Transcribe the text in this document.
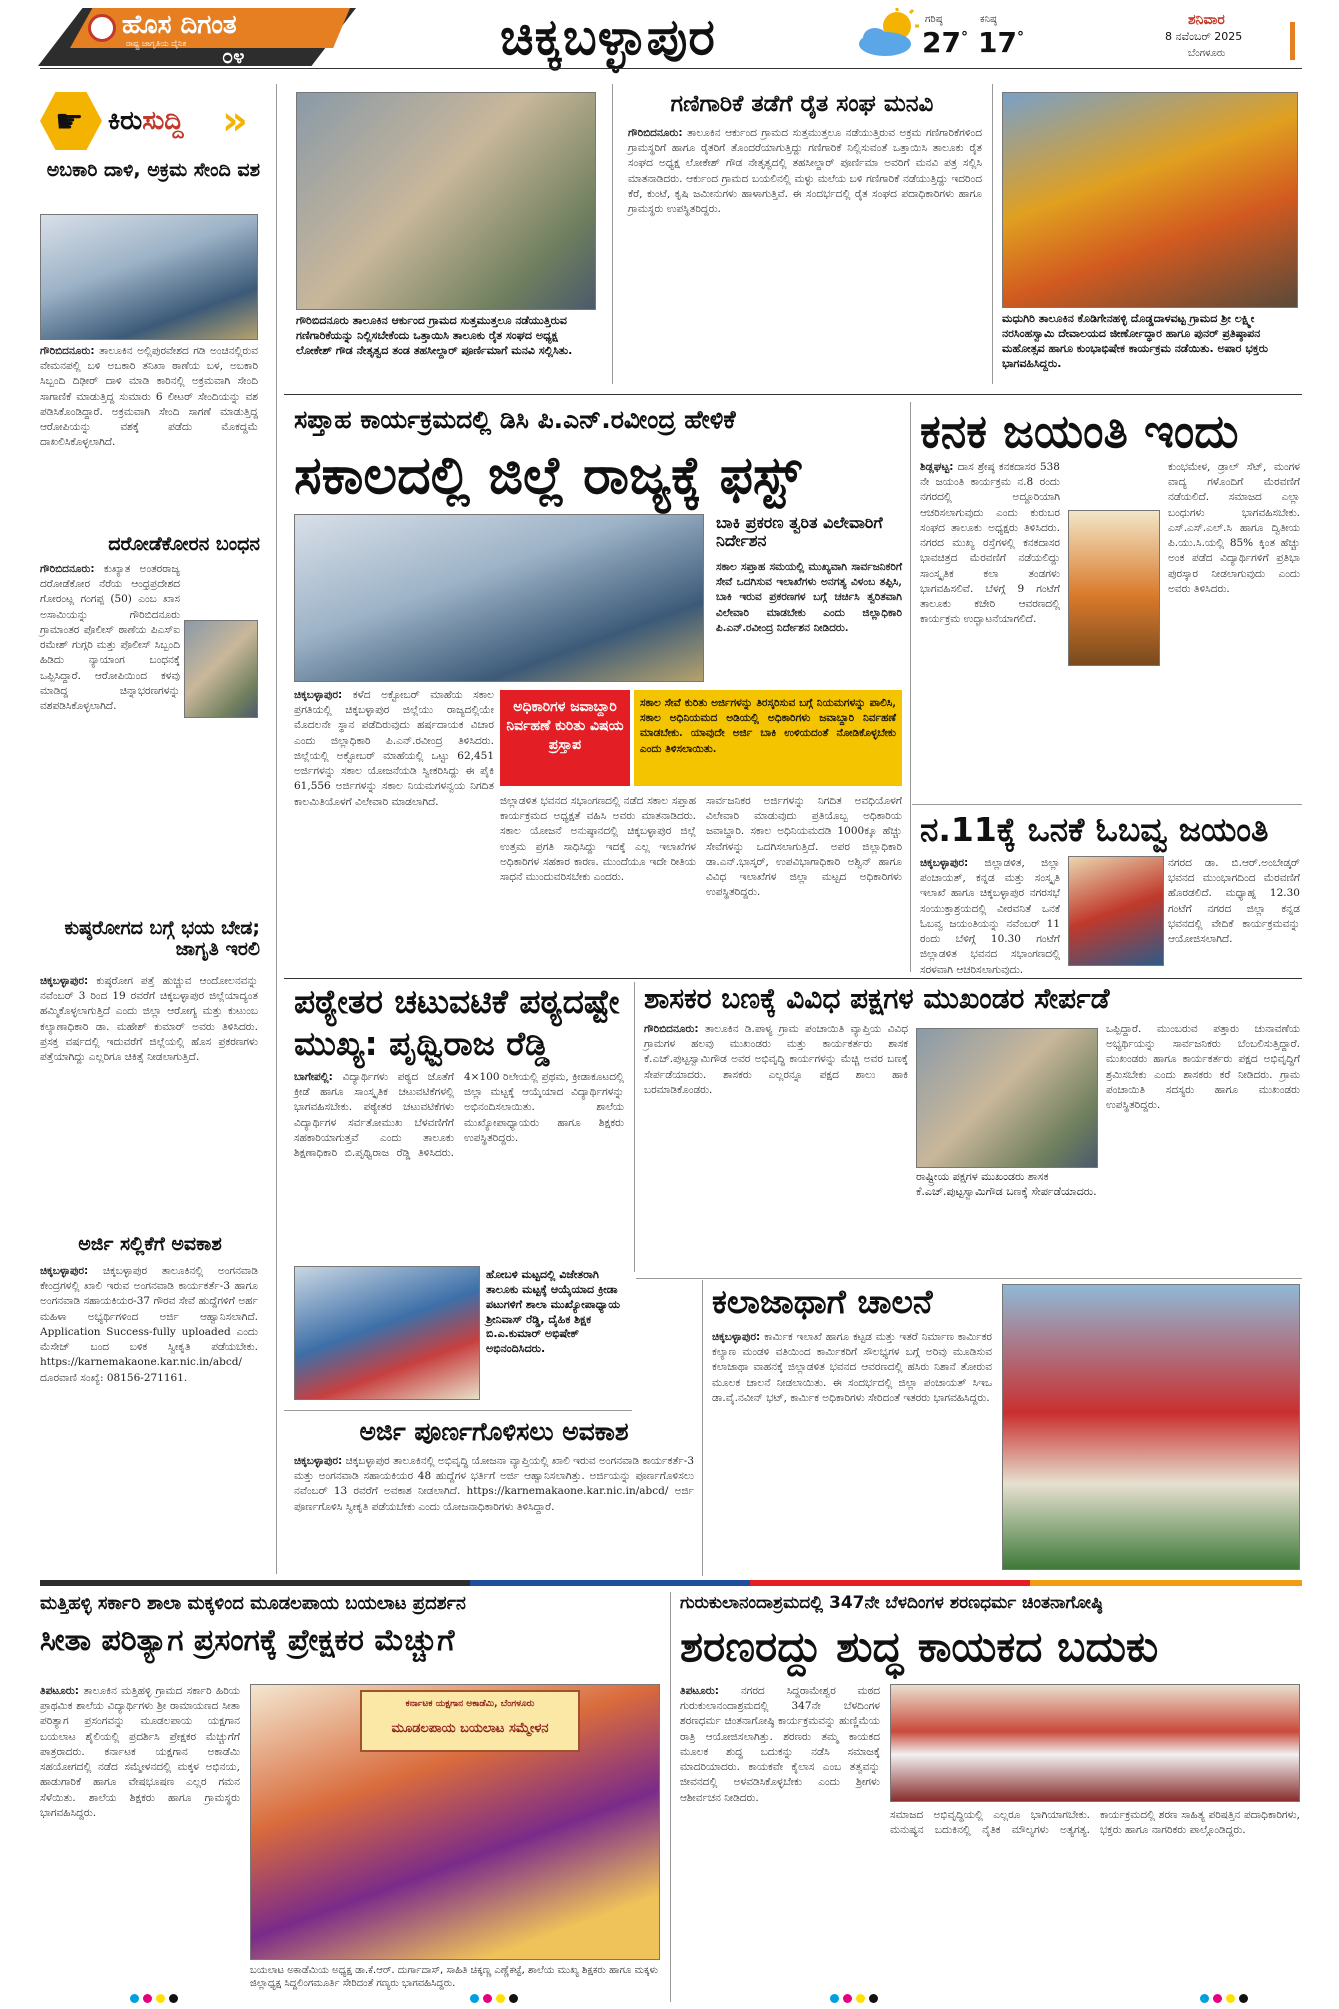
ಹೊಸ ದಿಗಂತ
ರಾಷ್ಟ್ರ ಜಾಗೃತಿಯ ದೈನಿಕ
೦೪	ಚಿಕ್ಕಬಳ್ಳಾಪುರ	ಗರಿಷ್ಠ
27°
ಕನಿಷ್ಠ
17°
ಶನಿವಾರ
8 ನವೆಂಬರ್ 2025
ಬೆಂಗಳೂರು
☛ ಕಿರುಸುದ್ದಿ »
ಅಬಕಾರಿ ದಾಳಿ, ಅಕ್ರಮ ಸೇಂದಿ ವಶ
ಗೌರಿಬಿದನೂರು: ತಾಲೂಕಿನ ಅಲ್ಲಿಪುರವೇಶದ ಗಡಿ ಅಂಚಿನಲ್ಲಿರುವ ವೇಮನಪಲ್ಲಿ ಬಳಿ ಅಬಕಾರಿ ತನಿಖಾ ಠಾಣೆಯ ಬಳ, ಅಬಕಾರಿ ಸಿಬ್ಬಂದಿ ದಿಢೀರ್ ದಾಳಿ ಮಾಡಿ ಕಾರಿನಲ್ಲಿ ಅಕ್ರಮವಾಗಿ ಸೇಂದಿ ಸಾಗಾಣಿಕೆ ಮಾಡುತ್ತಿದ್ದ ಸುಮಾರು 6 ಲೀಟರ್ ಸೇಂದಿಯನ್ನು ವಶ ಪಡಿಸಿಕೊಂಡಿದ್ದಾರೆ. ಅಕ್ರಮವಾಗಿ ಸೇಂದಿ ಸಾಗಣೆ ಮಾಡುತ್ತಿದ್ದ ಆರೋಪಿಯನ್ನು ವಶಕ್ಕೆ ಪಡೆದು ಮೊಕದ್ದಮೆ ದಾಖಲಿಸಿಕೊಳ್ಳಲಾಗಿದೆ.
ದರೋಡೆಕೋರನ ಬಂಧನ
ಗೌರಿಬಿದನೂರು: ಕುಖ್ಯಾತ ಅಂತರರಾಜ್ಯ ದರೋಡೆಕೋರ ನೆರೆಯ ಆಂಧ್ರಪ್ರದೇಶದ ಗೋರಂಟ್ಲ ಗಂಗಪ್ಪ (50) ಎಂಬ ಖಾಸ ಅಸಾಮಿಯನ್ನು ಗೌರಿಬಿದನೂರು ಗ್ರಾಮಾಂತರ ಪೊಲೀಸ್ ಠಾಣೆಯ ಪಿಎಸ್ಐ ರಮೇಶ್ ಗುಗ್ಗರಿ ಮತ್ತು ಪೊಲೀಸ್ ಸಿಬ್ಬಂದಿ ಹಿಡಿದು ನ್ಯಾಯಾಂಗ ಬಂಧನಕ್ಕೆ ಒಪ್ಪಿಸಿದ್ದಾರೆ. ಆರೋಪಿಯಿಂದ ಕಳವು ಮಾಡಿದ್ದ ಚಿನ್ನಾಭರಣಗಳನ್ನು ವಶಪಡಿಸಿಕೊಳ್ಳಲಾಗಿದೆ.
ಕುಷ್ಠರೋಗದ ಬಗ್ಗೆ ಭಯ ಬೇಡ; ಜಾಗೃತಿ ಇರಲಿ
ಚಿಕ್ಕಬಳ್ಳಾಪುರ: ಕುಷ್ಠರೋಗ ಪತ್ತೆ ಹುಚ್ಚುವ ಆಂದೋಲನವನ್ನು ನವೆಂಬರ್ 3 ರಿಂದ 19 ರವರೆಗೆ ಚಿಕ್ಕಬಳ್ಳಾಪುರ ಜಿಲ್ಲೆಯಾದ್ಯಂತ ಹಮ್ಮಿಕೊಳ್ಳಲಾಗುತ್ತಿದೆ ಎಂದು ಜಿಲ್ಲಾ ಆರೋಗ್ಯ ಮತ್ತು ಕುಟುಂಬ ಕಲ್ಯಾಣಾಧಿಕಾರಿ ಡಾ. ಮಹೇಶ್ ಕುಮಾರ್ ಅವರು ತಿಳಿಸಿದರು. ಪ್ರಸಕ್ತ ವರ್ಷದಲ್ಲಿ ಇದುವರೆಗೆ ಜಿಲ್ಲೆಯಲ್ಲಿ ಹೊಸ ಪ್ರಕರಣಗಳು ಪತ್ತೆಯಾಗಿದ್ದು ಎಲ್ಲರಿಗೂ ಚಿಕಿತ್ಸೆ ನೀಡಲಾಗುತ್ತಿದೆ.
ಅರ್ಜಿ ಸಲ್ಲಿಕೆಗೆ ಅವಕಾಶ
ಚಿಕ್ಕಬಳ್ಳಾಪುರ: ಚಿಕ್ಕಬಳ್ಳಾಪುರ ತಾಲೂಕಿನಲ್ಲಿ ಅಂಗನವಾಡಿ ಕೇಂದ್ರಗಳಲ್ಲಿ ಖಾಲಿ ಇರುವ ಅಂಗನವಾಡಿ ಕಾರ್ಯಕರ್ತೆ-3 ಹಾಗೂ ಅಂಗನವಾಡಿ ಸಹಾಯಕಿಯರ-37 ಗೌರವ ಸೇವೆ ಹುದ್ದೆಗಳಿಗೆ ಅರ್ಹ ಮಹಿಳಾ ಅಭ್ಯರ್ಥಿಗಳಿಂದ ಅರ್ಜಿ ಆಹ್ವಾನಿಸಲಾಗಿದೆ. Application Success-fully uploaded ಎಂದು ಮೆಸೇಜ್ ಬಂದ ಬಳಿಕ ಸ್ವೀಕೃತಿ ಪಡೆಯಬೇಕು. https://karnemakaone.kar.nic.in/abcd/ ದೂರವಾಣಿ ಸಂಖ್ಯೆ: 08156-271161.
ಗೌರಿಬಿದನೂರು ತಾಲೂಕಿನ ಆರ್ಕುಂದ ಗ್ರಾಮದ ಸುತ್ತಮುತ್ತಲೂ ನಡೆಯುತ್ತಿರುವ ಗಣಿಗಾರಿಕೆಯನ್ನು ನಿಲ್ಲಿಸಬೇಕೆಂದು ಒತ್ತಾಯಿಸಿ ತಾಲೂಕು ರೈತ ಸಂಘದ ಅಧ್ಯಕ್ಷ ಲೋಕೇಶ್ ಗೌಡ ನೇತೃತ್ವದ ತಂಡ ತಹಸೀಲ್ದಾರ್ ಪೂರ್ಣಿಮಾಗೆ ಮನವಿ ಸಲ್ಲಿಸಿತು.
ಗಣಿಗಾರಿಕೆ ತಡೆಗೆ ರೈತ ಸಂಘ ಮನವಿ
ಗೌರಿಬಿದನೂರು: ತಾಲೂಕಿನ ಆರ್ಕುಂದ ಗ್ರಾಮದ ಸುತ್ತಮುತ್ತಲೂ ನಡೆಯುತ್ತಿರುವ ಅಕ್ರಮ ಗಣಿಗಾರಿಕೆಗಳಿಂದ ಗ್ರಾಮಸ್ಥರಿಗೆ ಹಾಗೂ ರೈತರಿಗೆ ತೊಂದರೆಯಾಗುತ್ತಿದ್ದು ಗಣಿಗಾರಿಕೆ ನಿಲ್ಲಿಸುವಂತೆ ಒತ್ತಾಯಿಸಿ ತಾಲೂಕು ರೈತ ಸಂಘದ ಅಧ್ಯಕ್ಷ ಲೋಕೇಶ್ ಗೌಡ ನೇತೃತ್ವದಲ್ಲಿ ತಹಸೀಲ್ದಾರ್ ಪೂರ್ಣಿಮಾ ಅವರಿಗೆ ಮನವಿ ಪತ್ರ ಸಲ್ಲಿಸಿ ಮಾತನಾಡಿದರು. ಆರ್ಕುಂದ ಗ್ರಾಮದ ಬಯಲಿನಲ್ಲಿ ಮಳ್ಳು ಮಲೆಯ ಬಳಿ ಗಣಿಗಾರಿಕೆ ನಡೆಯುತ್ತಿದ್ದು ಇದರಿಂದ ಕೆರೆ, ಕುಂಟೆ, ಕೃಷಿ ಜಮೀನುಗಳು ಹಾಳಾಗುತ್ತಿವೆ. ಈ ಸಂದರ್ಭದಲ್ಲಿ ರೈತ ಸಂಘದ ಪದಾಧಿಕಾರಿಗಳು ಹಾಗೂ ಗ್ರಾಮಸ್ಥರು ಉಪಸ್ಥಿತರಿದ್ದರು.
ಮಧುಗಿರಿ ತಾಲೂಕಿನ ಕೊಡಿಗೇನಹಳ್ಳಿ ದೊಡ್ಡದಾಳವಟ್ಟ ಗ್ರಾಮದ ಶ್ರೀ ಲಕ್ಷ್ಮೀ ನರಸಿಂಹಸ್ವಾಮಿ ದೇವಾಲಯದ ಜೀರ್ಣೋದ್ಧಾರ ಹಾಗೂ ಪುನರ್ ಪ್ರತಿಷ್ಠಾಪನ ಮಹೋತ್ಸವ ಹಾಗೂ ಕುಂಭಾಭಿಷೇಕ ಕಾರ್ಯಕ್ರಮ ನಡೆಯಿತು. ಅಪಾರ ಭಕ್ತರು ಭಾಗವಹಿಸಿದ್ದರು.
ಸಪ್ತಾಹ ಕಾರ್ಯಕ್ರಮದಲ್ಲಿ ಡಿಸಿ ಪಿ.ಎನ್.ರವೀಂದ್ರ ಹೇಳಿಕೆ
ಸಕಾಲದಲ್ಲಿ ಜಿಲ್ಲೆ ರಾಜ್ಯಕ್ಕೆ ಫಸ್ಟ್
ಬಾಕಿ ಪ್ರಕರಣ ತ್ವರಿತ ವಿಲೇವಾರಿಗೆ ನಿರ್ದೇಶನ
ಸಕಾಲ ಸಪ್ತಾಹ ಸಮಯಲ್ಲಿ ಮುಖ್ಯವಾಗಿ ಸಾರ್ವಜನಿಕರಿಗೆ ಸೇವೆ ಒದಗಿಸುವ ಇಲಾಖೆಗಳು ಅನಗತ್ಯ ವಿಳಂಬ ತಪ್ಪಿಸಿ, ಬಾಕಿ ಇರುವ ಪ್ರಕರಣಗಳ ಬಗ್ಗೆ ಚರ್ಚಿಸಿ ತ್ವರಿತವಾಗಿ ವಿಲೇವಾರಿ ಮಾಡಬೇಕು ಎಂದು ಜಿಲ್ಲಾಧಿಕಾರಿ ಪಿ.ಎನ್.ರವೀಂದ್ರ ನಿರ್ದೇಶನ ನೀಡಿದರು.
ಚಿಕ್ಕಬಳ್ಳಾಪುರ: ಕಳೆದ ಅಕ್ಟೋಬರ್ ಮಾಹೆಯ ಸಕಾಲ ಪ್ರಗತಿಯಲ್ಲಿ ಚಿಕ್ಕಬಳ್ಳಾಪುರ ಜಿಲ್ಲೆಯು ರಾಜ್ಯದಲ್ಲಿಯೇ ಮೊದಲನೇ ಸ್ಥಾನ ಪಡೆದಿರುವುದು ಹರ್ಷದಾಯಕ ವಿಚಾರ ಎಂದು ಜಿಲ್ಲಾಧಿಕಾರಿ ಪಿ.ಎನ್.ರವೀಂದ್ರ ತಿಳಿಸಿದರು. ಜಿಲ್ಲೆಯಲ್ಲಿ ಅಕ್ಟೋಬರ್ ಮಾಹೆಯಲ್ಲಿ ಒಟ್ಟು 62,451 ಅರ್ಜಿಗಳನ್ನು ಸಕಾಲ ಯೋಜನೆಯಡಿ ಸ್ವೀಕರಿಸಿದ್ದು ಈ ಪೈಕಿ 61,556 ಅರ್ಜಿಗಳನ್ನು ಸಕಾಲ ನಿಯಮಗಳನ್ವಯ ನಿಗದಿತ ಕಾಲಮಿತಿಯೊಳಗೆ ವಿಲೇವಾರಿ ಮಾಡಲಾಗಿದೆ.
ಅಧಿಕಾರಿಗಳ ಜವಾಬ್ದಾರಿ ನಿರ್ವಹಣೆ ಕುರಿತು ವಿಷಯ ಪ್ರಸ್ತಾಪ
ಸಕಾಲ ಸೇವೆ ಕುರಿತು ಅರ್ಜಿಗಳನ್ನು ತಿರಸ್ಕರಿಸುವ ಬಗ್ಗೆ ನಿಯಮಗಳನ್ನು ಪಾಲಿಸಿ, ಸಕಾಲ ಅಧಿನಿಯಮದ ಅಡಿಯಲ್ಲಿ ಅಧಿಕಾರಿಗಳು ಜವಾಬ್ದಾರಿ ನಿರ್ವಹಣೆ ಮಾಡಬೇಕು. ಯಾವುದೇ ಅರ್ಜಿ ಬಾಕಿ ಉಳಿಯದಂತೆ ನೋಡಿಕೊಳ್ಳಬೇಕು ಎಂದು ತಿಳಿಸಲಾಯಿತು.
ಜಿಲ್ಲಾಡಳಿತ ಭವನದ ಸಭಾಂಗಣದಲ್ಲಿ ನಡೆದ ಸಕಾಲ ಸಪ್ತಾಹ ಕಾರ್ಯಕ್ರಮದ ಅಧ್ಯಕ್ಷತೆ ವಹಿಸಿ ಅವರು ಮಾತನಾಡಿದರು. ಸಕಾಲ ಯೋಜನೆ ಅನುಷ್ಠಾನದಲ್ಲಿ ಚಿಕ್ಕಬಳ್ಳಾಪುರ ಜಿಲ್ಲೆ ಉತ್ತಮ ಪ್ರಗತಿ ಸಾಧಿಸಿದ್ದು ಇದಕ್ಕೆ ಎಲ್ಲ ಇಲಾಖೆಗಳ ಅಧಿಕಾರಿಗಳ ಸಹಕಾರ ಕಾರಣ. ಮುಂದೆಯೂ ಇದೇ ರೀತಿಯ ಸಾಧನೆ ಮುಂದುವರಿಸಬೇಕು ಎಂದರು.
ಸಾರ್ವಜನಿಕರ ಅರ್ಜಿಗಳನ್ನು ನಿಗದಿತ ಅವಧಿಯೊಳಗೆ ವಿಲೇವಾರಿ ಮಾಡುವುದು ಪ್ರತಿಯೊಬ್ಬ ಅಧಿಕಾರಿಯ ಜವಾಬ್ದಾರಿ. ಸಕಾಲ ಅಧಿನಿಯಮದಡಿ 1000ಕ್ಕೂ ಹೆಚ್ಚು ಸೇವೆಗಳನ್ನು ಒದಗಿಸಲಾಗುತ್ತಿದೆ. ಅಪರ ಜಿಲ್ಲಾಧಿಕಾರಿ ಡಾ.ಎನ್.ಭಾಸ್ಕರ್, ಉಪವಿಭಾಗಾಧಿಕಾರಿ ಅಶ್ವಿನ್ ಹಾಗೂ ವಿವಿಧ ಇಲಾಖೆಗಳ ಜಿಲ್ಲಾ ಮಟ್ಟದ ಅಧಿಕಾರಿಗಳು ಉಪಸ್ಥಿತರಿದ್ದರು.
ಕನಕ ಜಯಂತಿ ಇಂದು
ಶಿಡ್ಲಘಟ್ಟ: ದಾಸ ಶ್ರೇಷ್ಠ ಕನಕದಾಸರ 538 ನೇ ಜಯಂತಿ ಕಾರ್ಯಕ್ರಮ ನ.8 ರಂದು ನಗರದಲ್ಲಿ ಅದ್ದೂರಿಯಾಗಿ ಆಚರಿಸಲಾಗುವುದು ಎಂದು ಕುರುಬರ ಸಂಘದ ತಾಲೂಕು ಅಧ್ಯಕ್ಷರು ತಿಳಿಸಿದರು. ನಗರದ ಮುಖ್ಯ ರಸ್ತೆಗಳಲ್ಲಿ ಕನಕದಾಸರ ಭಾವಚಿತ್ರದ ಮೆರವಣಿಗೆ ನಡೆಯಲಿದ್ದು ಸಾಂಸ್ಕೃತಿಕ ಕಲಾ ತಂಡಗಳು ಭಾಗವಹಿಸಲಿವೆ. ಬೆಳಗ್ಗೆ 9 ಗಂಟೆಗೆ ತಾಲೂಕು ಕಚೇರಿ ಆವರಣದಲ್ಲಿ ಕಾರ್ಯಕ್ರಮ ಉದ್ಘಾಟನೆಯಾಗಲಿದೆ.
ಕುಂಭಮೇಳ, ಡ್ರಾಲ್ ಸೆಟ್, ಮಂಗಳ ವಾದ್ಯ ಗಳೊಂದಿಗೆ ಮೆರವಣಿಗೆ ನಡೆಯಲಿದೆ. ಸಮಾಜದ ಎಲ್ಲಾ ಬಂಧುಗಳು ಭಾಗವಹಿಸಬೇಕು. ಎಸ್.ಎಸ್.ಎಲ್.ಸಿ ಹಾಗೂ ದ್ವಿತೀಯ ಪಿ.ಯು.ಸಿ.ಯಲ್ಲಿ 85% ಕ್ಕಿಂತ ಹೆಚ್ಚು ಅಂಕ ಪಡೆದ ವಿದ್ಯಾರ್ಥಿಗಳಿಗೆ ಪ್ರತಿಭಾ ಪುರಸ್ಕಾರ ನೀಡಲಾಗುವುದು ಎಂದು ಅವರು ತಿಳಿಸಿದರು.
ನ.11ಕ್ಕೆ ಒನಕೆ ಓಬವ್ವ ಜಯಂತಿ
ಚಿಕ್ಕಬಳ್ಳಾಪುರ: ಜಿಲ್ಲಾಡಳಿತ, ಜಿಲ್ಲಾ ಪಂಚಾಯತ್, ಕನ್ನಡ ಮತ್ತು ಸಂಸ್ಕೃತಿ ಇಲಾಖೆ ಹಾಗೂ ಚಿಕ್ಕಬಳ್ಳಾಪುರ ನಗರಸಭೆ ಸಂಯುಕ್ತಾಶ್ರಯದಲ್ಲಿ ವೀರವನಿತೆ ಒನಕೆ ಓಬವ್ವ ಜಯಂತಿಯನ್ನು ನವೆಂಬರ್ 11 ರಂದು ಬೆಳಿಗ್ಗೆ 10.30 ಗಂಟೆಗೆ ಜಿಲ್ಲಾಡಳಿತ ಭವನದ ಸಭಾಂಗಣದಲ್ಲಿ ಸರಳವಾಗಿ ಆಚರಿಸಲಾಗುವುದು.
ನಗರದ ಡಾ. ಬಿ.ಆರ್.ಅಂಬೇಡ್ಕರ್ ಭವನದ ಮುಂಭಾಗದಿಂದ ಮೆರವಣಿಗೆ ಹೊರಡಲಿದೆ. ಮಧ್ಯಾಹ್ನ 12.30 ಗಂಟೆಗೆ ನಗರದ ಜಿಲ್ಲಾ ಕನ್ನಡ ಭವನದಲ್ಲಿ ವೇದಿಕೆ ಕಾರ್ಯಕ್ರಮವನ್ನು ಆಯೋಜಿಸಲಾಗಿದೆ.
ಪಠ್ಯೇತರ ಚಟುವಟಿಕೆ ಪಠ್ಯದಷ್ಟೇ
ಮುಖ್ಯ: ಪೃಥ್ವಿರಾಜ ರೆಡ್ಡಿ
ಬಾಗೇಪಲ್ಲಿ: ವಿದ್ಯಾರ್ಥಿಗಳು ಪಠ್ಯದ ಜೊತೆಗೆ ಕ್ರೀಡೆ ಹಾಗೂ ಸಾಂಸ್ಕೃತಿಕ ಚಟುವಟಿಕೆಗಳಲ್ಲಿ ಭಾಗವಹಿಸಬೇಕು. ಪಠ್ಯೇತರ ಚಟುವಟಿಕೆಗಳು ವಿದ್ಯಾರ್ಥಿಗಳ ಸರ್ವತೋಮುಖ ಬೆಳವಣಿಗೆಗೆ ಸಹಕಾರಿಯಾಗುತ್ತವೆ ಎಂದು ತಾಲೂಕು ಶಿಕ್ಷಣಾಧಿಕಾರಿ ಬಿ.ಪೃಥ್ವಿರಾಜ ರೆಡ್ಡಿ ತಿಳಿಸಿದರು. 4×100 ರಿಲೇಯಲ್ಲಿ ಪ್ರಥಮ, ಕ್ರೀಡಾಕೂಟದಲ್ಲಿ ಜಿಲ್ಲಾ ಮಟ್ಟಕ್ಕೆ ಆಯ್ಕೆಯಾದ ವಿದ್ಯಾರ್ಥಿಗಳನ್ನು ಅಭಿನಂದಿಸಲಾಯಿತು. ಶಾಲೆಯ ಮುಖ್ಯೋಪಾಧ್ಯಾಯರು ಹಾಗೂ ಶಿಕ್ಷಕರು ಉಪಸ್ಥಿತರಿದ್ದರು.
ಹೋಬಳಿ ಮಟ್ಟದಲ್ಲಿ ವಿಜೇತರಾಗಿ ತಾಲೂಕು ಮಟ್ಟಕ್ಕೆ ಆಯ್ಕೆಯಾದ ಕ್ರೀಡಾ ಪಟುಗಳಿಗೆ ಶಾಲಾ ಮುಖ್ಯೋಪಾಧ್ಯಾಯ ಶ್ರೀನಿವಾಸ್ ರೆಡ್ಡಿ, ದೈಹಿಕ ಶಿಕ್ಷಕ ಬಿ.ಎ.ಕುಮಾರ್ ಅಭಿಷೇಕ್ ಅಭಿನಂದಿಸಿದರು.
ಶಾಸಕರ ಬಣಕ್ಕೆ ವಿವಿಧ ಪಕ್ಷಗಳ ಮುಖಂಡರ ಸೇರ್ಪಡೆ
ಗೌರಿಬಿದನೂರು: ತಾಲೂಕಿನ ಡಿ.ಪಾಳ್ಯ ಗ್ರಾಮ ಪಂಚಾಯಿತಿ ವ್ಯಾಪ್ತಿಯ ವಿವಿಧ ಗ್ರಾಮಗಳ ಹಲವು ಮುಖಂಡರು ಮತ್ತು ಕಾರ್ಯಕರ್ತರು ಶಾಸಕ ಕೆ.ಎಚ್.ಪುಟ್ಟಸ್ವಾಮಿಗೌಡ ಅವರ ಅಭಿವೃದ್ಧಿ ಕಾರ್ಯಗಳನ್ನು ಮೆಚ್ಚಿ ಅವರ ಬಣಕ್ಕೆ ಸೇರ್ಪಡೆಯಾದರು. ಶಾಸಕರು ಎಲ್ಲರನ್ನೂ ಪಕ್ಷದ ಶಾಲು ಹಾಕಿ ಬರಮಾಡಿಕೊಂಡರು.
ರಾಷ್ಟ್ರೀಯ ಪಕ್ಷಗಳ ಮುಖಂಡರು ಶಾಸಕ ಕೆ.ಎಚ್.ಪುಟ್ಟಸ್ವಾಮಿಗೌಡ ಬಣಕ್ಕೆ ಸೇರ್ಪಡೆಯಾದರು.
ಒಪ್ಪಿದ್ದಾರೆ. ಮುಂಬರುವ ಪತ್ತಾರು ಚುನಾವಣೆಯ ಅಭ್ಯರ್ಥಿಯನ್ನು ಸಾರ್ವಜನಿಕರು ಬೆಂಬಲಿಸುತ್ತಿದ್ದಾರೆ. ಮುಖಂಡರು ಹಾಗೂ ಕಾರ್ಯಕರ್ತರು ಪಕ್ಷದ ಅಭಿವೃದ್ಧಿಗೆ ಶ್ರಮಿಸಬೇಕು ಎಂದು ಶಾಸಕರು ಕರೆ ನೀಡಿದರು. ಗ್ರಾಮ ಪಂಚಾಯಿತಿ ಸದಸ್ಯರು ಹಾಗೂ ಮುಖಂಡರು ಉಪಸ್ಥಿತರಿದ್ದರು.
ಅರ್ಜಿ ಪೂರ್ಣಗೊಳಿಸಲು ಅವಕಾಶ
ಚಿಕ್ಕಬಳ್ಳಾಪುರ: ಚಿಕ್ಕಬಳ್ಳಾಪುರ ತಾಲೂಕಿನಲ್ಲಿ ಅಭಿವೃದ್ಧಿ ಯೋಜನಾ ವ್ಯಾಪ್ತಿಯಲ್ಲಿ ಖಾಲಿ ಇರುವ ಅಂಗನವಾಡಿ ಕಾರ್ಯಕರ್ತೆ-3 ಮತ್ತು ಅಂಗನವಾಡಿ ಸಹಾಯಕಿಯರ 48 ಹುದ್ದೆಗಳ ಭರ್ತಿಗೆ ಅರ್ಜಿ ಆಹ್ವಾನಿಸಲಾಗಿತ್ತು. ಅರ್ಜಿಯನ್ನು ಪೂರ್ಣಗೊಳಿಸಲು ನವೆಂಬರ್ 13 ರವರೆಗೆ ಅವಕಾಶ ನೀಡಲಾಗಿದೆ. https://karnemakaone.kar.nic.in/abcd/ ಅರ್ಜಿ ಪೂರ್ಣಗೊಳಿಸಿ ಸ್ವೀಕೃತಿ ಪಡೆಯಬೇಕು ಎಂದು ಯೋಜನಾಧಿಕಾರಿಗಳು ತಿಳಿಸಿದ್ದಾರೆ.
ಕಲಾಜಾಥಾಗೆ ಚಾಲನೆ
ಚಿಕ್ಕಬಳ್ಳಾಪುರ: ಕಾರ್ಮಿಕ ಇಲಾಖೆ ಹಾಗೂ ಕಟ್ಟಡ ಮತ್ತು ಇತರೆ ನಿರ್ಮಾಣ ಕಾರ್ಮಿಕರ ಕಲ್ಯಾಣ ಮಂಡಳಿ ವತಿಯಿಂದ ಕಾರ್ಮಿಕರಿಗೆ ಸೌಲಭ್ಯಗಳ ಬಗ್ಗೆ ಅರಿವು ಮೂಡಿಸುವ ಕಲಾಜಾಥಾ ವಾಹನಕ್ಕೆ ಜಿಲ್ಲಾಡಳಿತ ಭವನದ ಆವರಣದಲ್ಲಿ ಹಸಿರು ನಿಶಾನೆ ತೋರುವ ಮೂಲಕ ಚಾಲನೆ ನೀಡಲಾಯಿತು. ಈ ಸಂದರ್ಭದಲ್ಲಿ ಜಿಲ್ಲಾ ಪಂಚಾಯತ್ ಸಿಇಒ ಡಾ.ವೈ.ನವೀನ್ ಭಟ್, ಕಾರ್ಮಿಕ ಅಧಿಕಾರಿಗಳು ಸೇರಿದಂತೆ ಇತರರು ಭಾಗವಹಿಸಿದ್ದರು.
ಮತ್ತಿಹಳ್ಳಿ ಸರ್ಕಾರಿ ಶಾಲಾ ಮಕ್ಕಳಿಂದ ಮೂಡಲಪಾಯ ಬಯಲಾಟ ಪ್ರದರ್ಶನ
ಸೀತಾ ಪರಿತ್ಯಾಗ ಪ್ರಸಂಗಕ್ಕೆ ಪ್ರೇಕ್ಷಕರ ಮೆಚ್ಚುಗೆ
ತಿಪಟೂರು: ತಾಲೂಕಿನ ಮತ್ತಿಹಳ್ಳಿ ಗ್ರಾಮದ ಸರ್ಕಾರಿ ಹಿರಿಯ ಪ್ರಾಥಮಿಕ ಶಾಲೆಯ ವಿದ್ಯಾರ್ಥಿಗಳು ಶ್ರೀ ರಾಮಾಯಣದ ಸೀತಾ ಪರಿತ್ಯಾಗ ಪ್ರಸಂಗವನ್ನು ಮೂಡಲಪಾಯ ಯಕ್ಷಗಾನ ಬಯಲಾಟ ಶೈಲಿಯಲ್ಲಿ ಪ್ರದರ್ಶಿಸಿ ಪ್ರೇಕ್ಷಕರ ಮೆಚ್ಚುಗೆಗೆ ಪಾತ್ರರಾದರು. ಕರ್ನಾಟಕ ಯಕ್ಷಗಾನ ಅಕಾಡೆಮಿ ಸಹಯೋಗದಲ್ಲಿ ನಡೆದ ಸಮ್ಮೇಳನದಲ್ಲಿ ಮಕ್ಕಳ ಅಭಿನಯ, ಹಾಡುಗಾರಿಕೆ ಹಾಗೂ ವೇಷಭೂಷಣ ಎಲ್ಲರ ಗಮನ ಸೆಳೆಯಿತು. ಶಾಲೆಯ ಶಿಕ್ಷಕರು ಹಾಗೂ ಗ್ರಾಮಸ್ಥರು ಭಾಗವಹಿಸಿದ್ದರು.
ಕರ್ನಾಟಕ ಯಕ್ಷಗಾನ ಅಕಾಡೆಮಿ, ಬೆಂಗಳೂರು
ಮೂಡಲಪಾಯ ಬಯಲಾಟ ಸಮ್ಮೇಳನ
ಬಯಲಾಟ ಅಕಾಡೆಮಿಯ ಅಧ್ಯಕ್ಷ ಡಾ.ಕೆ.ಆರ್. ದುರ್ಗಾದಾಸ್, ಸಾಹಿತಿ ಚಿಕ್ಕಣ್ಣ ಎಣ್ಣೆಕಟ್ಟೆ, ಶಾಲೆಯ ಮುಖ್ಯ ಶಿಕ್ಷಕರು ಹಾಗೂ ಮಕ್ಕಳು ಜಿಲ್ಲಾಧ್ಯಕ್ಷ ಸಿದ್ದಲಿಂಗಮೂರ್ತಿ ಸೇರಿದಂತೆ ಗಣ್ಯರು ಭಾಗವಹಿಸಿದ್ದರು.
ಗುರುಕುಲಾನಂದಾಶ್ರಮದಲ್ಲಿ 347ನೇ ಬೆಳದಿಂಗಳ ಶರಣಧರ್ಮ ಚಿಂತನಾಗೋಷ್ಠಿ
ಶರಣರದ್ದು ಶುದ್ಧ ಕಾಯಕದ ಬದುಕು
ತಿಪಟೂರು: ನಗರದ ಸಿದ್ದರಾಮೇಶ್ವರ ಮಠದ ಗುರುಕುಲಾನಂದಾಶ್ರಮದಲ್ಲಿ 347ನೇ ಬೆಳದಿಂಗಳ ಶರಣಧರ್ಮ ಚಿಂತನಾಗೋಷ್ಠಿ ಕಾರ್ಯಕ್ರಮವನ್ನು ಹುಣ್ಣಿಮೆಯ ರಾತ್ರಿ ಆಯೋಜಿಸಲಾಗಿತ್ತು. ಶರಣರು ತಮ್ಮ ಕಾಯಕದ ಮೂಲಕ ಶುದ್ಧ ಬದುಕನ್ನು ನಡೆಸಿ ಸಮಾಜಕ್ಕೆ ಮಾದರಿಯಾದರು. ಕಾಯಕವೇ ಕೈಲಾಸ ಎಂಬ ತತ್ವವನ್ನು ಜೀವನದಲ್ಲಿ ಅಳವಡಿಸಿಕೊಳ್ಳಬೇಕು ಎಂದು ಶ್ರೀಗಳು ಆಶೀರ್ವಚನ ನೀಡಿದರು.
ಸಮಾಜದ ಅಭಿವೃದ್ಧಿಯಲ್ಲಿ ಎಲ್ಲರೂ ಭಾಗಿಯಾಗಬೇಕು. ಮನುಷ್ಯನ ಬದುಕಿನಲ್ಲಿ ನೈತಿಕ ಮೌಲ್ಯಗಳು ಅತ್ಯಗತ್ಯ. ಕಾರ್ಯಕ್ರಮದಲ್ಲಿ ಶರಣ ಸಾಹಿತ್ಯ ಪರಿಷತ್ತಿನ ಪದಾಧಿಕಾರಿಗಳು, ಭಕ್ತರು ಹಾಗೂ ನಾಗರಿಕರು ಪಾಲ್ಗೊಂಡಿದ್ದರು.
